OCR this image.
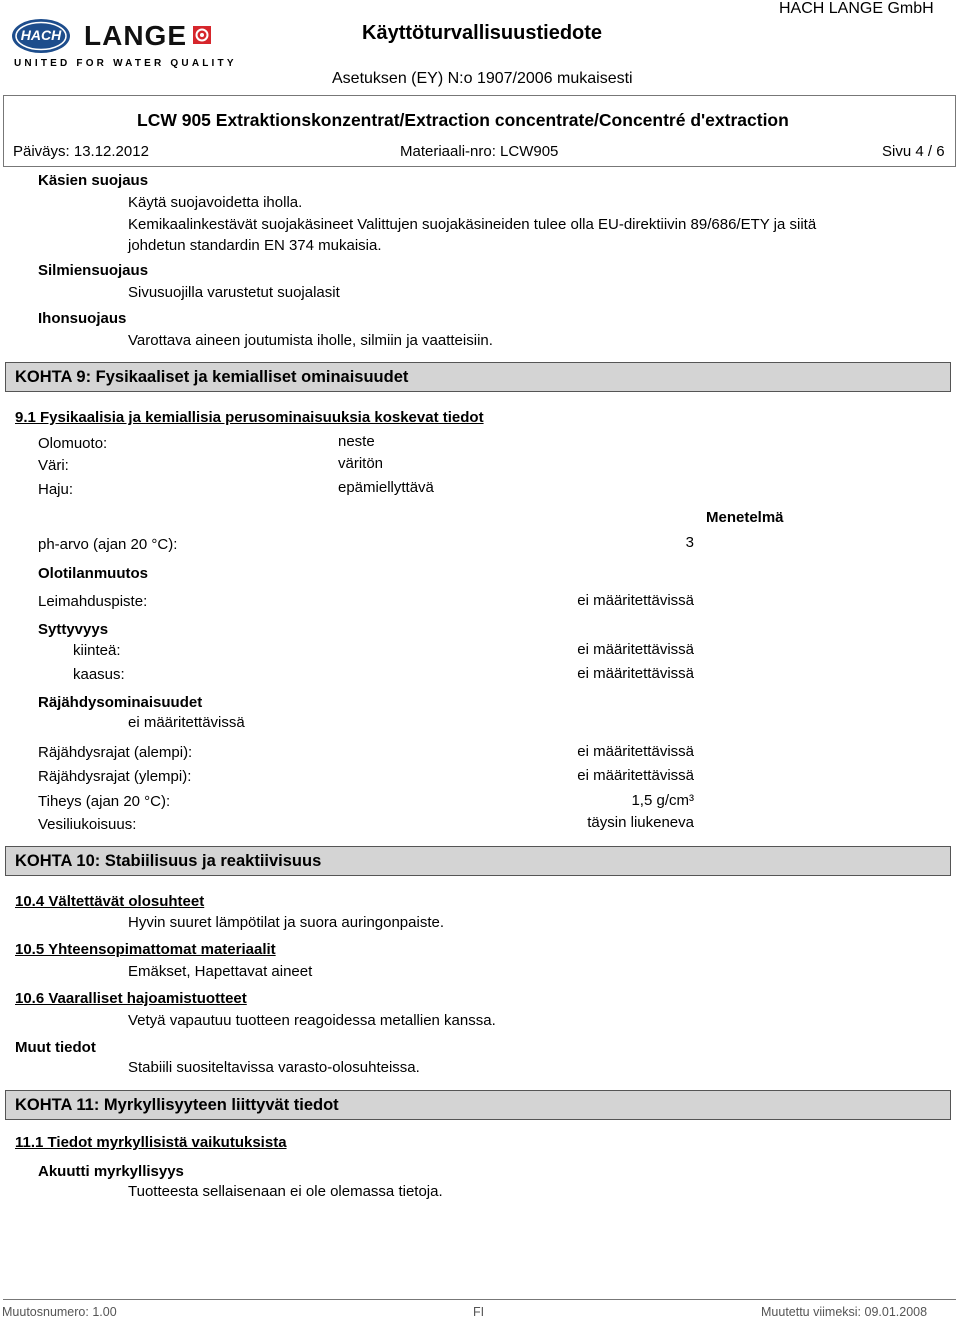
HACH LANGE
UNITED FOR WATER QUALITY
Käyttöturvallisuustiedote
HACH LANGE GmbH
Asetuksen (EY) N:o 1907/2006 mukaisesti
LCW 905 Extraktionskonzentrat/Extraction concentrate/Concentré d'extraction
Päiväys: 13.12.2012	Materiaali-nro: LCW905	Sivu 4 / 6
Käsien suojaus
Käytä suojavoidetta iholla.
Kemikaalinkestävät suojakäsineet Valittujen suojakäsineiden tulee olla EU-direktiivin 89/686/ETY ja siitä
johdetun standardin EN 374 mukaisia.
Silmiensuojaus
Sivusuojilla varustetut suojalasit
Ihonsuojaus
Varottava aineen joutumista iholle, silmiin ja vaatteisiin.
KOHTA 9: Fysikaaliset ja kemialliset ominaisuudet
9.1 Fysikaalisia ja kemiallisia perusominaisuuksia koskevat tiedot
Olomuoto:	neste
Väri:	väritön
Haju:	epämiellyttävä
Menetelmä
ph-arvo (ajan 20 °C):	3
Olotilanmuutos
Leimahduspiste:	ei määritettävissä
Syttyvyys
kiinteä:	ei määritettävissä
kaasus:	ei määritettävissä
Räjähdysominaisuudet
ei määritettävissä
Räjähdysrajat (alempi):	ei määritettävissä
Räjähdysrajat (ylempi):	ei määritettävissä
Tiheys (ajan 20 °C):	1,5 g/cm³
Vesiliukoisuus:	täysin liukeneva
KOHTA 10: Stabiilisuus ja reaktiivisuus
10.4 Vältettävät olosuhteet
Hyvin suuret lämpötilat ja suora auringonpaiste.
10.5 Yhteensopimattomat materiaalit
Emäkset, Hapettavat aineet
10.6 Vaaralliset hajoamistuotteet
Vetyä vapautuu tuotteen reagoidessa metallien kanssa.
Muut tiedot
Stabiili suositeltavissa varasto-olosuhteissa.
KOHTA 11: Myrkyllisyyteen liittyvät tiedot
11.1 Tiedot myrkyllisistä vaikutuksista
Akuutti myrkyllisyys
Tuotteesta sellaisenaan ei ole olemassa tietoja.
Muutosnumero: 1.00	FI	Muutettu viimeksi: 09.01.2008
